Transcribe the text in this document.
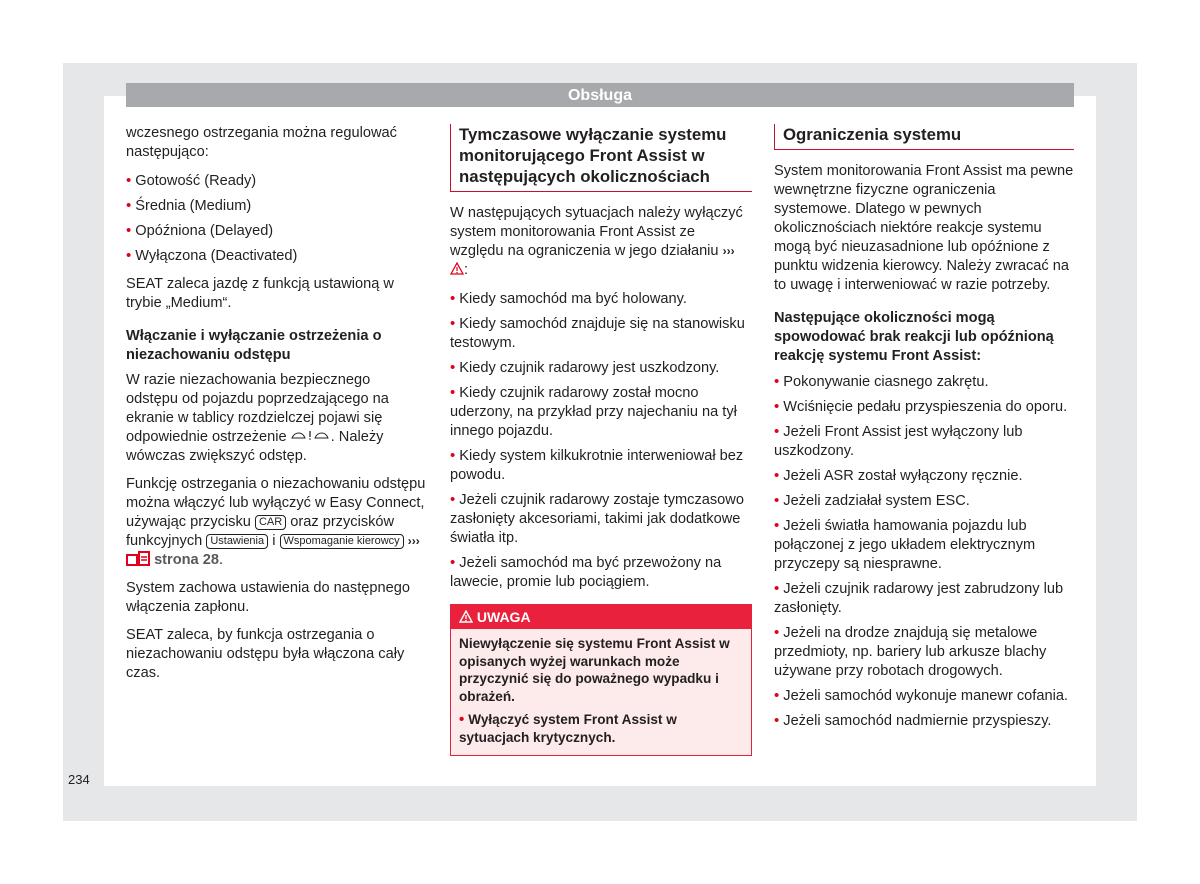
Obsługa

wczesnego ostrzegania można regulować następująco:

• Gotowość (Ready)
• Średnia (Medium)
• Opóźniona (Delayed)
• Wyłączona (Deactivated)

SEAT zaleca jazdę z funkcją ustawioną w trybie „Medium“.

Włączanie i wyłączanie ostrzeżenia o niezachowaniu odstępu

W razie niezachowania bezpiecznego odstępu od pojazdu poprzedzającego na ekranie w tablicy rozdzielczej pojawi się odpowiednie ostrzeżenie	. Należy wówczas zwiększyć odstęp.

Funkcję ostrzegania o niezachowaniu odstępu można włączyć lub wyłączyć w Easy Connect, używając przycisku CAR oraz przycisków funkcyjnych Ustawienia i Wspomaganie kierowcy ›››  strona 28.

System zachowa ustawienia do następnego włączenia zapłonu.

SEAT zaleca, by funkcja ostrzegania o niezachowaniu odstępu była włączona cały czas.

Tymczasowe wyłączanie systemu monitorującego Front Assist w następujących okolicznościach

W następujących sytuacjach należy wyłączyć system monitorowania Front Assist ze względu na ograniczenia w jego działaniu ››› :

• Kiedy samochód ma być holowany.
• Kiedy samochód znajduje się na stanowisku testowym.
• Kiedy czujnik radarowy jest uszkodzony.
• Kiedy czujnik radarowy został mocno uderzony, na przykład przy najechaniu na tył innego pojazdu.
• Kiedy system kilkukrotnie interweniował bez powodu.
• Jeżeli czujnik radarowy zostaje tymczasowo zasłonięty akcesoriami, takimi jak dodatkowe światła itp.
• Jeżeli samochód ma być przewożony na lawecie, promie lub pociągiem.
UWAGA

Niewyłączenie się systemu Front Assist w opisanych wyżej warunkach może przyczynić się do poważnego wypadku i obrażeń.

• Wyłączyć system Front Assist w sytuacjach krytycznych.
Ograniczenia systemu

System monitorowania Front Assist ma pewne wewnętrzne fizyczne ograniczenia systemowe. Dlatego w pewnych okolicznościach niektóre reakcje systemu mogą być nieuzasadnione lub opóźnione z punktu widzenia kierowcy. Należy zwracać na to uwagę i interweniować w razie potrzeby.

Następujące okoliczności mogą spowodować brak reakcji lub opóźnioną reakcję systemu Front Assist:
• Pokonywanie ciasnego zakrętu.
• Wciśnięcie pedału przyspieszenia do oporu.
• Jeżeli Front Assist jest wyłączony lub uszkodzony.
• Jeżeli ASR został wyłączony ręcznie.
• Jeżeli zadziałał system ESC.
• Jeżeli światła hamowania pojazdu lub połączonej z jego układem elektrycznym przyczepy są niesprawne.
• Jeżeli czujnik radarowy jest zabrudzony lub zasłonięty.
• Jeżeli na drodze znajdują się metalowe przedmioty, np. bariery lub arkusze blachy używane przy robotach drogowych.
• Jeżeli samochód wykonuje manewr cofania.
• Jeżeli samochód nadmiernie przyspieszy.
234
